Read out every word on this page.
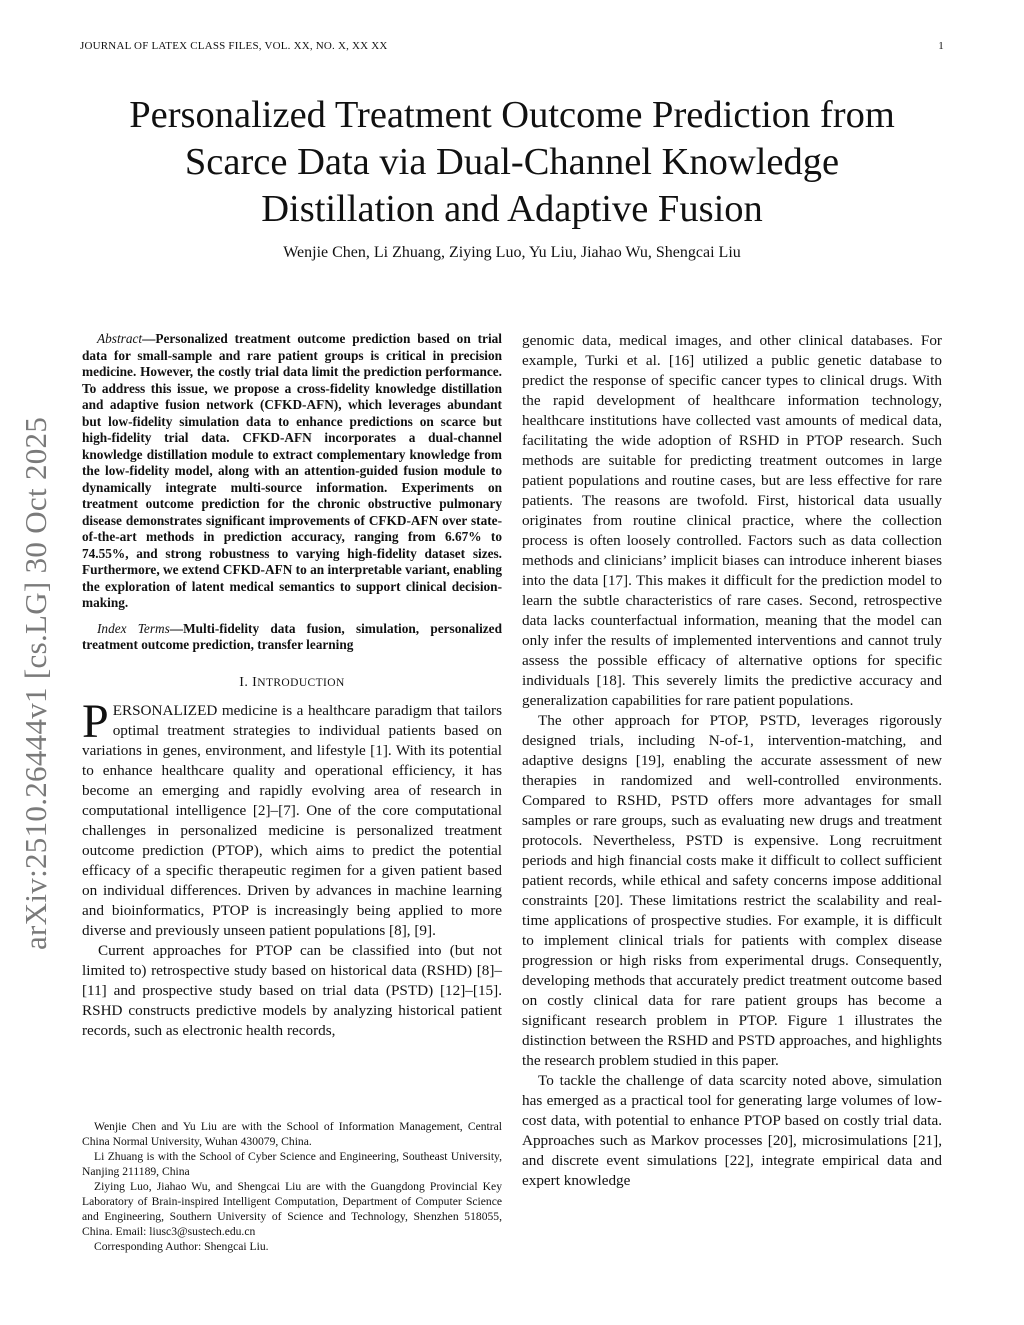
JOURNAL OF LATEX CLASS FILES, VOL. XX, NO. X, XX XX	1
arXiv:2510.26444v1 [cs.LG] 30 Oct 2025
Personalized Treatment Outcome Prediction from
Scarce Data via Dual-Channel Knowledge
Distillation and Adaptive Fusion
Wenjie Chen, Li Zhuang, Ziying Luo, Yu Liu, Jiahao Wu, Shengcai Liu

Abstract—Personalized treatment outcome prediction based on trial data for small-sample and rare patient groups is critical in precision medicine. However, the costly trial data limit the prediction performance. To address this issue, we propose a cross-fidelity knowledge distillation and adaptive fusion network (CFKD-AFN), which leverages abundant but low-fidelity simulation data to enhance predictions on scarce but high-fidelity trial data. CFKD-AFN incorporates a dual-channel knowledge distillation module to extract complementary knowledge from the low-fidelity model, along with an attention-guided fusion module to dynamically integrate multi-source information. Experiments on treatment outcome prediction for the chronic obstructive pulmonary disease demonstrates significant improvements of CFKD-AFN over state-of-the-art methods in prediction accuracy, ranging from 6.67% to 74.55%, and strong robustness to varying high-fidelity dataset sizes. Furthermore, we extend CFKD-AFN to an interpretable variant, enabling the exploration of latent medical semantics to support clinical decision-making.

Index Terms—Multi-fidelity data fusion, simulation, personalized treatment outcome prediction, transfer learning

I. INTRODUCTION

PERSONALIZED medicine is a healthcare paradigm that tailors optimal treatment strategies to individual patients based on variations in genes, environment, and lifestyle [1]. With its potential to enhance healthcare quality and operational efficiency, it has become an emerging and rapidly evolving area of research in computational intelligence [2]–[7]. One of the core computational challenges in personalized medicine is personalized treatment outcome prediction (PTOP), which aims to predict the potential efficacy of a specific therapeutic regimen for a given patient based on individual differences. Driven by advances in machine learning and bioinformatics, PTOP is increasingly being applied to more diverse and previously unseen patient populations [8], [9].

Current approaches for PTOP can be classified into (but not limited to) retrospective study based on historical data (RSHD) [8]–[11] and prospective study based on trial data (PSTD) [12]–[15]. RSHD constructs predictive models by analyzing historical patient records, such as electronic health records,

Wenjie Chen and Yu Liu are with the School of Information Management, Central China Normal University, Wuhan 430079, China.

Li Zhuang is with the School of Cyber Science and Engineering, Southeast University, Nanjing 211189, China

Ziying Luo, Jiahao Wu, and Shengcai Liu are with the Guangdong Provincial Key Laboratory of Brain-inspired Intelligent Computation, Department of Computer Science and Engineering, Southern University of Science and Technology, Shenzhen 518055, China. Email: liusc3@sustech.edu.cn

Corresponding Author: Shengcai Liu.

genomic data, medical images, and other clinical databases. For example, Turki et al. [16] utilized a public genetic database to predict the response of specific cancer types to clinical drugs. With the rapid development of healthcare information technology, healthcare institutions have collected vast amounts of medical data, facilitating the wide adoption of RSHD in PTOP research. Such methods are suitable for predicting treatment outcomes in large patient populations and routine cases, but are less effective for rare patients. The reasons are twofold. First, historical data usually originates from routine clinical practice, where the collection process is often loosely controlled. Factors such as data collection methods and clinicians’ implicit biases can introduce inherent biases into the data [17]. This makes it difficult for the prediction model to learn the subtle characteristics of rare cases. Second, retrospective data lacks counterfactual information, meaning that the model can only infer the results of implemented interventions and cannot truly assess the possible efficacy of alternative options for specific individuals [18]. This severely limits the predictive accuracy and generalization capabilities for rare patient populations.

The other approach for PTOP, PSTD, leverages rigorously designed trials, including N-of-1, intervention-matching, and adaptive designs [19], enabling the accurate assessment of new therapies in randomized and well-controlled environments. Compared to RSHD, PSTD offers more advantages for small samples or rare groups, such as evaluating new drugs and treatment protocols. Nevertheless, PSTD is expensive. Long recruitment periods and high financial costs make it difficult to collect sufficient patient records, while ethical and safety concerns impose additional constraints [20]. These limitations restrict the scalability and real-time applications of prospective studies. For example, it is difficult to implement clinical trials for patients with complex disease progression or high risks from experimental drugs. Consequently, developing methods that accurately predict treatment outcome based on costly clinical data for rare patient groups has become a significant research problem in PTOP. Figure 1 illustrates the distinction between the RSHD and PSTD approaches, and highlights the research problem studied in this paper.

To tackle the challenge of data scarcity noted above, simulation has emerged as a practical tool for generating large volumes of low-cost data, with potential to enhance PTOP based on costly trial data. Approaches such as Markov processes [20], microsimulations [21], and discrete event simulations [22], integrate empirical data and expert knowledge
